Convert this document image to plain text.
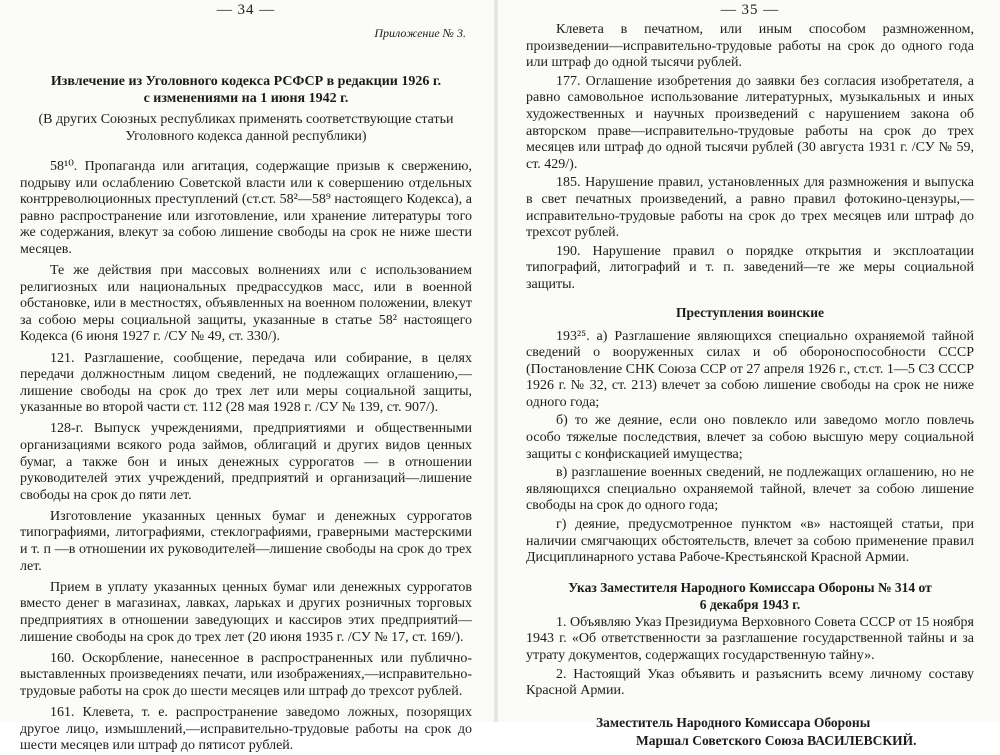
— 34 —
Приложение № 3.
Извлечение из Уголовного кодекса РСФСР в редакции 1926 г.
с изменениями на 1 июня 1942 г.
(В других Союзных республиках применять соответствующие статьи Уголовного кодекса данной республики)

58¹⁰. Пропаганда или агитация, содержащие призыв к свержению, подрыву или ослаблению Советской власти или к совершению отдельных контрреволюционных преступлений (ст.ст. 58²—58⁹ настоящего Кодекса), а равно распространение или изготовление, или хранение литературы того же содержания, влекут за собою лишение свободы на срок не ниже шести месяцев.

Те же действия при массовых волнениях или с использованием религиозных или национальных предрассудков масс, или в военной обстановке, или в местностях, объявленных на военном положении, влекут за собою меры социальной защиты, указанные в статье 58² настоящего Кодекса (6 июня 1927 г. /СУ № 49, ст. 330/).

121. Разглашение, сообщение, передача или собирание, в целях передачи должностным лицом сведений, не подлежащих оглашению,—лишение свободы на срок до трех лет или меры социальной защиты, указанные во второй части ст. 112 (28 мая 1928 г. /СУ № 139, ст. 907/).

128-г. Выпуск учреждениями, предприятиями и общественными организациями всякого рода займов, облигаций и других видов ценных бумаг, а также бон и иных денежных суррогатов — в отношении руководителей этих учреждений, предприятий и организаций—лишение свободы на срок до пяти лет.

Изготовление указанных ценных бумаг и денежных суррогатов типографиями, литографиями, стеклографиями, граверными мастерскими и т. п —в отношении их руководителей—лишение свободы на срок до трех лет.

Прием в уплату указанных ценных бумаг или денежных суррогатов вместо денег в магазинах, лавках, ларьках и других розничных торговых предприятиях в отношении заведующих и кассиров этих предприятий—лишение свободы на срок до трех лет (20 июня 1935 г. /СУ № 17, ст. 169/).

160. Оскорбление, нанесенное в распространенных или публично-выставленных произведениях печати, или изображениях,—исправительно-трудовые работы на срок до шести месяцев или штраф до трехсот рублей.

161. Клевета, т. е. распространение заведомо ложных, позорящих другое лицо, измышлений,—исправительно-трудовые работы на срок до шести месяцев или штраф до пятисот рублей.

— 35 —

Клевета в печатном, или иным способом размноженном, произведении—исправительно-трудовые работы на срок до одного года или штраф до одной тысячи рублей.

177. Оглашение изобретения до заявки без согласия изобретателя, а равно самовольное использование литературных, музыкальных и иных художественных и научных произведений с нарушением закона об авторском праве—исправительно-трудовые работы на срок до трех месяцев или штраф до одной тысячи рублей (30 августа 1931 г. /СУ № 59, ст. 429/).

185. Нарушение правил, установленных для размножения и выпуска в свет печатных произведений, а равно правил фотокино-цензуры,—исправительно-трудовые работы на срок до трех месяцев или штраф до трехсот рублей.

190. Нарушение правил о порядке открытия и эксплоатации типографий, литографий и т. п. заведений—те же меры социальной защиты.

Преступления воинские

193²⁵. а) Разглашение являющихся специально охраняемой тайной сведений о вооруженных силах и об обороноспособности СССР (Постановление СНК Союза ССР от 27 апреля 1926 г., ст.ст. 1—5 СЗ СССР 1926 г. № 32, ст. 213) влечет за собою лишение свободы на срок не ниже одного года;

б) то же деяние, если оно повлекло или заведомо могло повлечь особо тяжелые последствия, влечет за собою высшую меру социальной защиты с конфискацией имущества;

в) разглашение военных сведений, не подлежащих оглашению, но не являющихся специально охраняемой тайной, влечет за собою лишение свободы на срок до одного года;

г) деяние, предусмотренное пунктом «в» настоящей статьи, при наличии смягчающих обстоятельств, влечет за собою применение правил Дисциплинарного устава Рабоче-Крестьянской Красной Армии.

Указ Заместителя Народного Комиссара Обороны № 314 от
6 декабря 1943 г.

1. Объявляю Указ Президиума Верховного Совета СССР от 15 ноября 1943 г. «Об ответственности за разглашение государственной тайны и за утрату документов, содержащих государственную тайну».

2. Настоящий Указ объявить и разъяснить всему личному составу Красной Армии.

Заместитель Народного Комиссара Обороны
Маршал Советского Союза ВАСИЛЕВСКИЙ.
